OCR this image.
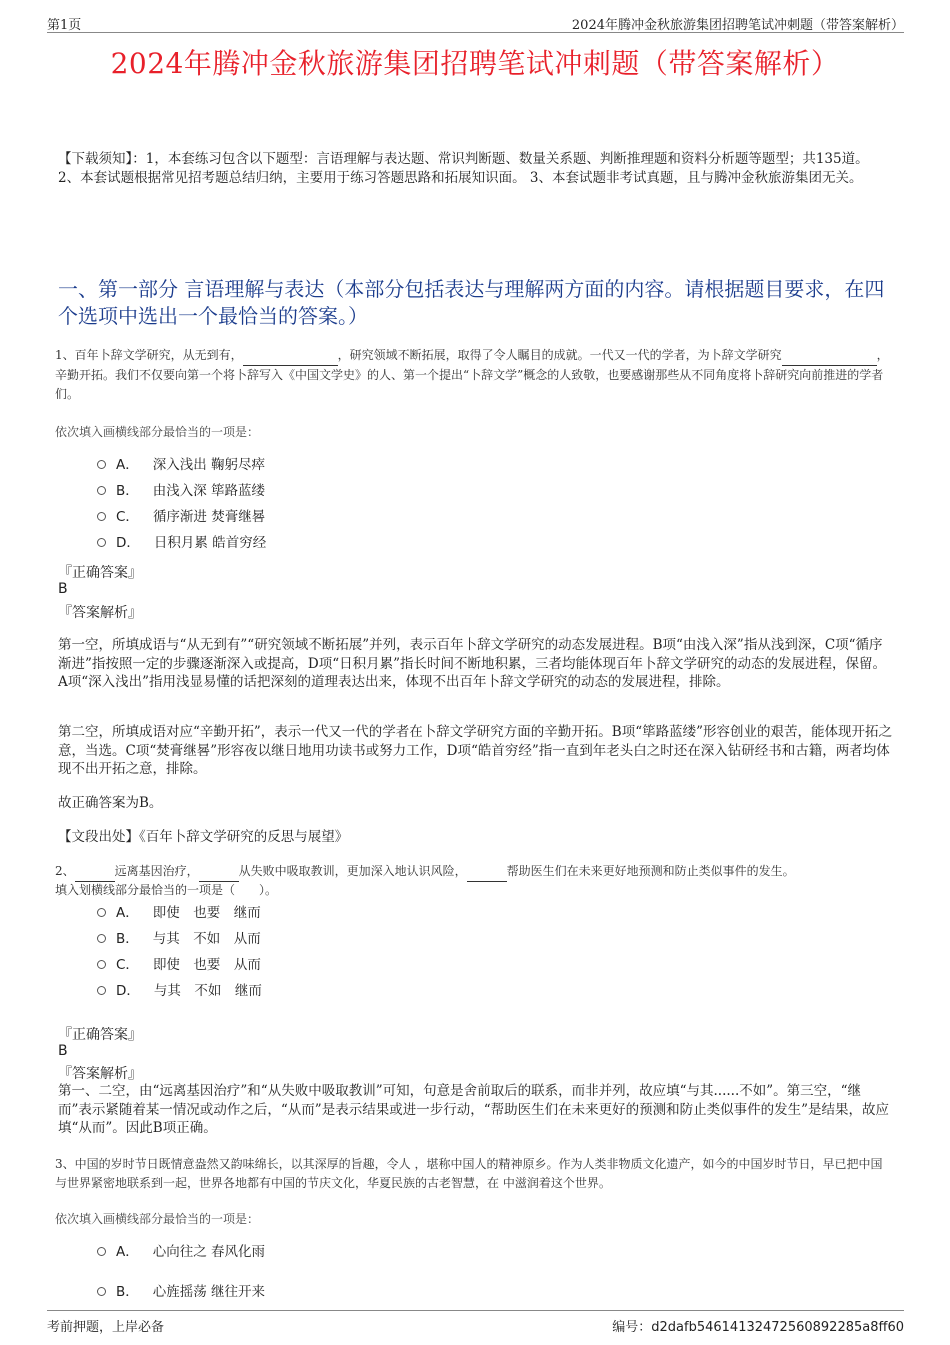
第1页	2024年腾冲金秋旅游集团招聘笔试冲刺题（带答案解析）
2024年腾冲金秋旅游集团招聘笔试冲刺题（带答案解析）
【下载须知】：1，本套练习包含以下题型：言语理解与表达题、常识判断题、数量关系题、判断推理题和资料分析题等题型；共135道。 2、本套试题根据常见招考题总结归纳，主要用于练习答题思路和拓展知识面。 3、本套试题非考试真题，且与腾冲金秋旅游集团无关。
一、第一部分 言语理解与表达（本部分包括表达与理解两方面的内容。请根据题目要求，在四个选项中选出一个最恰当的答案。）
1、百年卜辞文学研究，从无到有，	，研究领域不断拓展，取得了令人瞩目的成就。一代又一代的学者，为卜辞文学研究	，辛勤开拓。我们不仅要向第一个将卜辞写入《中国文学史》的人、第一个提出“卜辞文学”概念的人致敬，也要感谢那些从不同角度将卜辞研究向前推进的学者们。
依次填入画横线部分最恰当的一项是：
A． 深入浅出 鞠躬尽瘁
B． 由浅入深 筚路蓝缕
C． 循序渐进 焚膏继晷
D． 日积月累 皓首穷经
『正确答案』
B
『答案解析』
第一空，所填成语与“从无到有”“研究领域不断拓展”并列，表示百年卜辞文学研究的动态发展进程。B项“由浅入深”指从浅到深，C项“循序渐进”指按照一定的步骤逐渐深入或提高，D项“日积月累”指长时间不断地积累，三者均能体现百年卜辞文学研究的动态的发展进程，保留。A项“深入浅出”指用浅显易懂的话把深刻的道理表达出来，体现不出百年卜辞文学研究的动态的发展进程，排除。
第二空，所填成语对应“辛勤开拓”，表示一代又一代的学者在卜辞文学研究方面的辛勤开拓。B项“筚路蓝缕”形容创业的艰苦，能体现开拓之意，当选。C项“焚膏继晷”形容夜以继日地用功读书或努力工作，D项“皓首穷经”指一直到年老头白之时还在深入钻研经书和古籍，两者均体现不出开拓之意，排除。
故正确答案为B。
【文段出处】《百年卜辞文学研究的反思与展望》
2、	远离基因治疗，	从失败中吸取教训，更加深入地认识风险，	帮助医生们在未来更好地预测和防止类似事件的发生。
填入划横线部分最恰当的一项是（　　）。
A． 即使　也要　继而
B． 与其　不如　从而
C． 即使　也要　从而
D． 与其　不如　继而
『正确答案』
B
『答案解析』
第一、二空，由“远离基因治疗”和“从失败中吸取教训”可知，句意是舍前取后的联系，而非并列，故应填“与其......不如”。第三空，“继而”表示紧随着某一情况或动作之后，“从而”是表示结果或进一步行动，“帮助医生们在未来更好的预测和防止类似事件的发生”是结果，故应填“从而”。因此B项正确。
3、中国的岁时节日既情意盎然又韵味绵长，以其深厚的旨趣，令人 ，堪称中国人的精神原乡。作为人类非物质文化遗产，如今的中国岁时节日，早已把中国与世界紧密地联系到一起，世界各地都有中国的节庆文化，华夏民族的古老智慧，在 中滋润着这个世界。
依次填入画横线部分最恰当的一项是：
A． 心向往之 春风化雨
B． 心旌摇荡 继往开来
考前押题，上岸必备	编号：d2dafb54614132472560892285a8ff60
